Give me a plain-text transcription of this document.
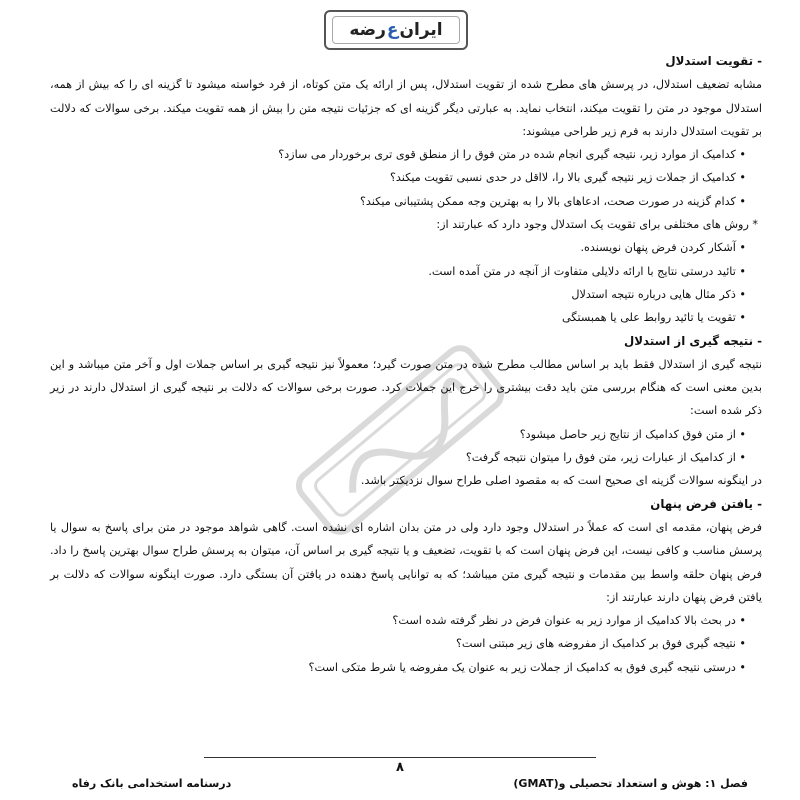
ایران
ع
رضه

- تقویت استدلال

مشابه تضعیف استدلال، در پرسش های مطرح شده از تقویت استدلال، پس از ارائه یک متن کوتاه، از فرد خواسته میشود تا گزینه ای را که بیش از همه، استدلال موجود در متن را تقویت میکند، انتخاب نماید. به عبارتی دیگر گزینه ای که جزئیات نتیجه متن را بیش از همه تقویت میکند. برخی سوالات که دلالت بر تقویت استدلال دارند به فرم زیر طراحی میشوند:

• کدامیک از موارد زیر، نتیجه گیری انجام شده در متن فوق را از منطق قوی تری برخوردار می سازد؟

• کدامیک از جملات زیر نتیجه گیری بالا را، لااقل در حدی نسبی تقویت میکند؟

• کدام گزینه در صورت صحت، ادعاهای بالا را به بهترین وجه ممکن پشتیبانی میکند؟

* روش های مختلفی برای تقویت یک استدلال وجود دارد که عبارتند از:

• آشکار کردن فرض پنهان نویسنده.

• تائید درستی نتایج با ارائه دلایلی متفاوت از آنچه در متن آمده است.

• ذکر مثال هایی درباره نتیجه استدلال

• تقویت یا تائید روابط علی یا همبستگی

- نتیجه گیری از استدلال

نتیجه گیری از استدلال فقط باید بر اساس مطالب مطرح شده در متن صورت گیرد؛ معمولاً نیز نتیجه گیری بر اساس جملات اول و آخر متن میباشد و این بدین معنی است که هنگام بررسی متن باید دقت بیشتری را خرج این جملات کرد. صورت برخی سوالات که دلالت بر نتیجه گیری از استدلال دارند در زیر ذکر شده است:

• از متن فوق کدامیک از نتایج زیر حاصل میشود؟

• از کدامیک از عبارات زیر، متن فوق را میتوان نتیجه گرفت؟

در اینگونه سوالات گزینه ای صحیح است که به مقصود اصلی طراح سوال نزدیکتر باشد.

- یافتن فرض پنهان

فرض پنهان، مقدمه ای است که عملاً در استدلال وجود دارد ولی در متن بدان اشاره ای نشده است. گاهی شواهد موجود در متن برای پاسخ به سوال یا پرسش مناسب و کافی نیست، این فرض پنهان است که با تقویت، تضعیف و یا نتیجه گیری بر اساس آن، میتوان به پرسش طراح سوال بهترین پاسخ را داد. فرض پنهان حلقه واسط بین مقدمات و نتیجه گیری متن میباشد؛ که به توانایی پاسخ دهنده در یافتن آن بستگی دارد. صورت اینگونه سوالات که دلالت بر یافتن فرض پنهان دارند عبارتند از:

• در بحث بالا کدامیک از موارد زیر به عنوان فرض در نظر گرفته شده است؟

• نتیجه گیری فوق بر کدامیک از مفروضه های زیر مبتنی است؟

• درستی نتیجه گیری فوق به کدامیک از جملات زیر به عنوان یک مفروضه یا شرط متکی است؟

۸
درسنامه استخدامی بانک رفاه	فصل ۱: هوش و استعداد تحصیلی و(GMAT)
